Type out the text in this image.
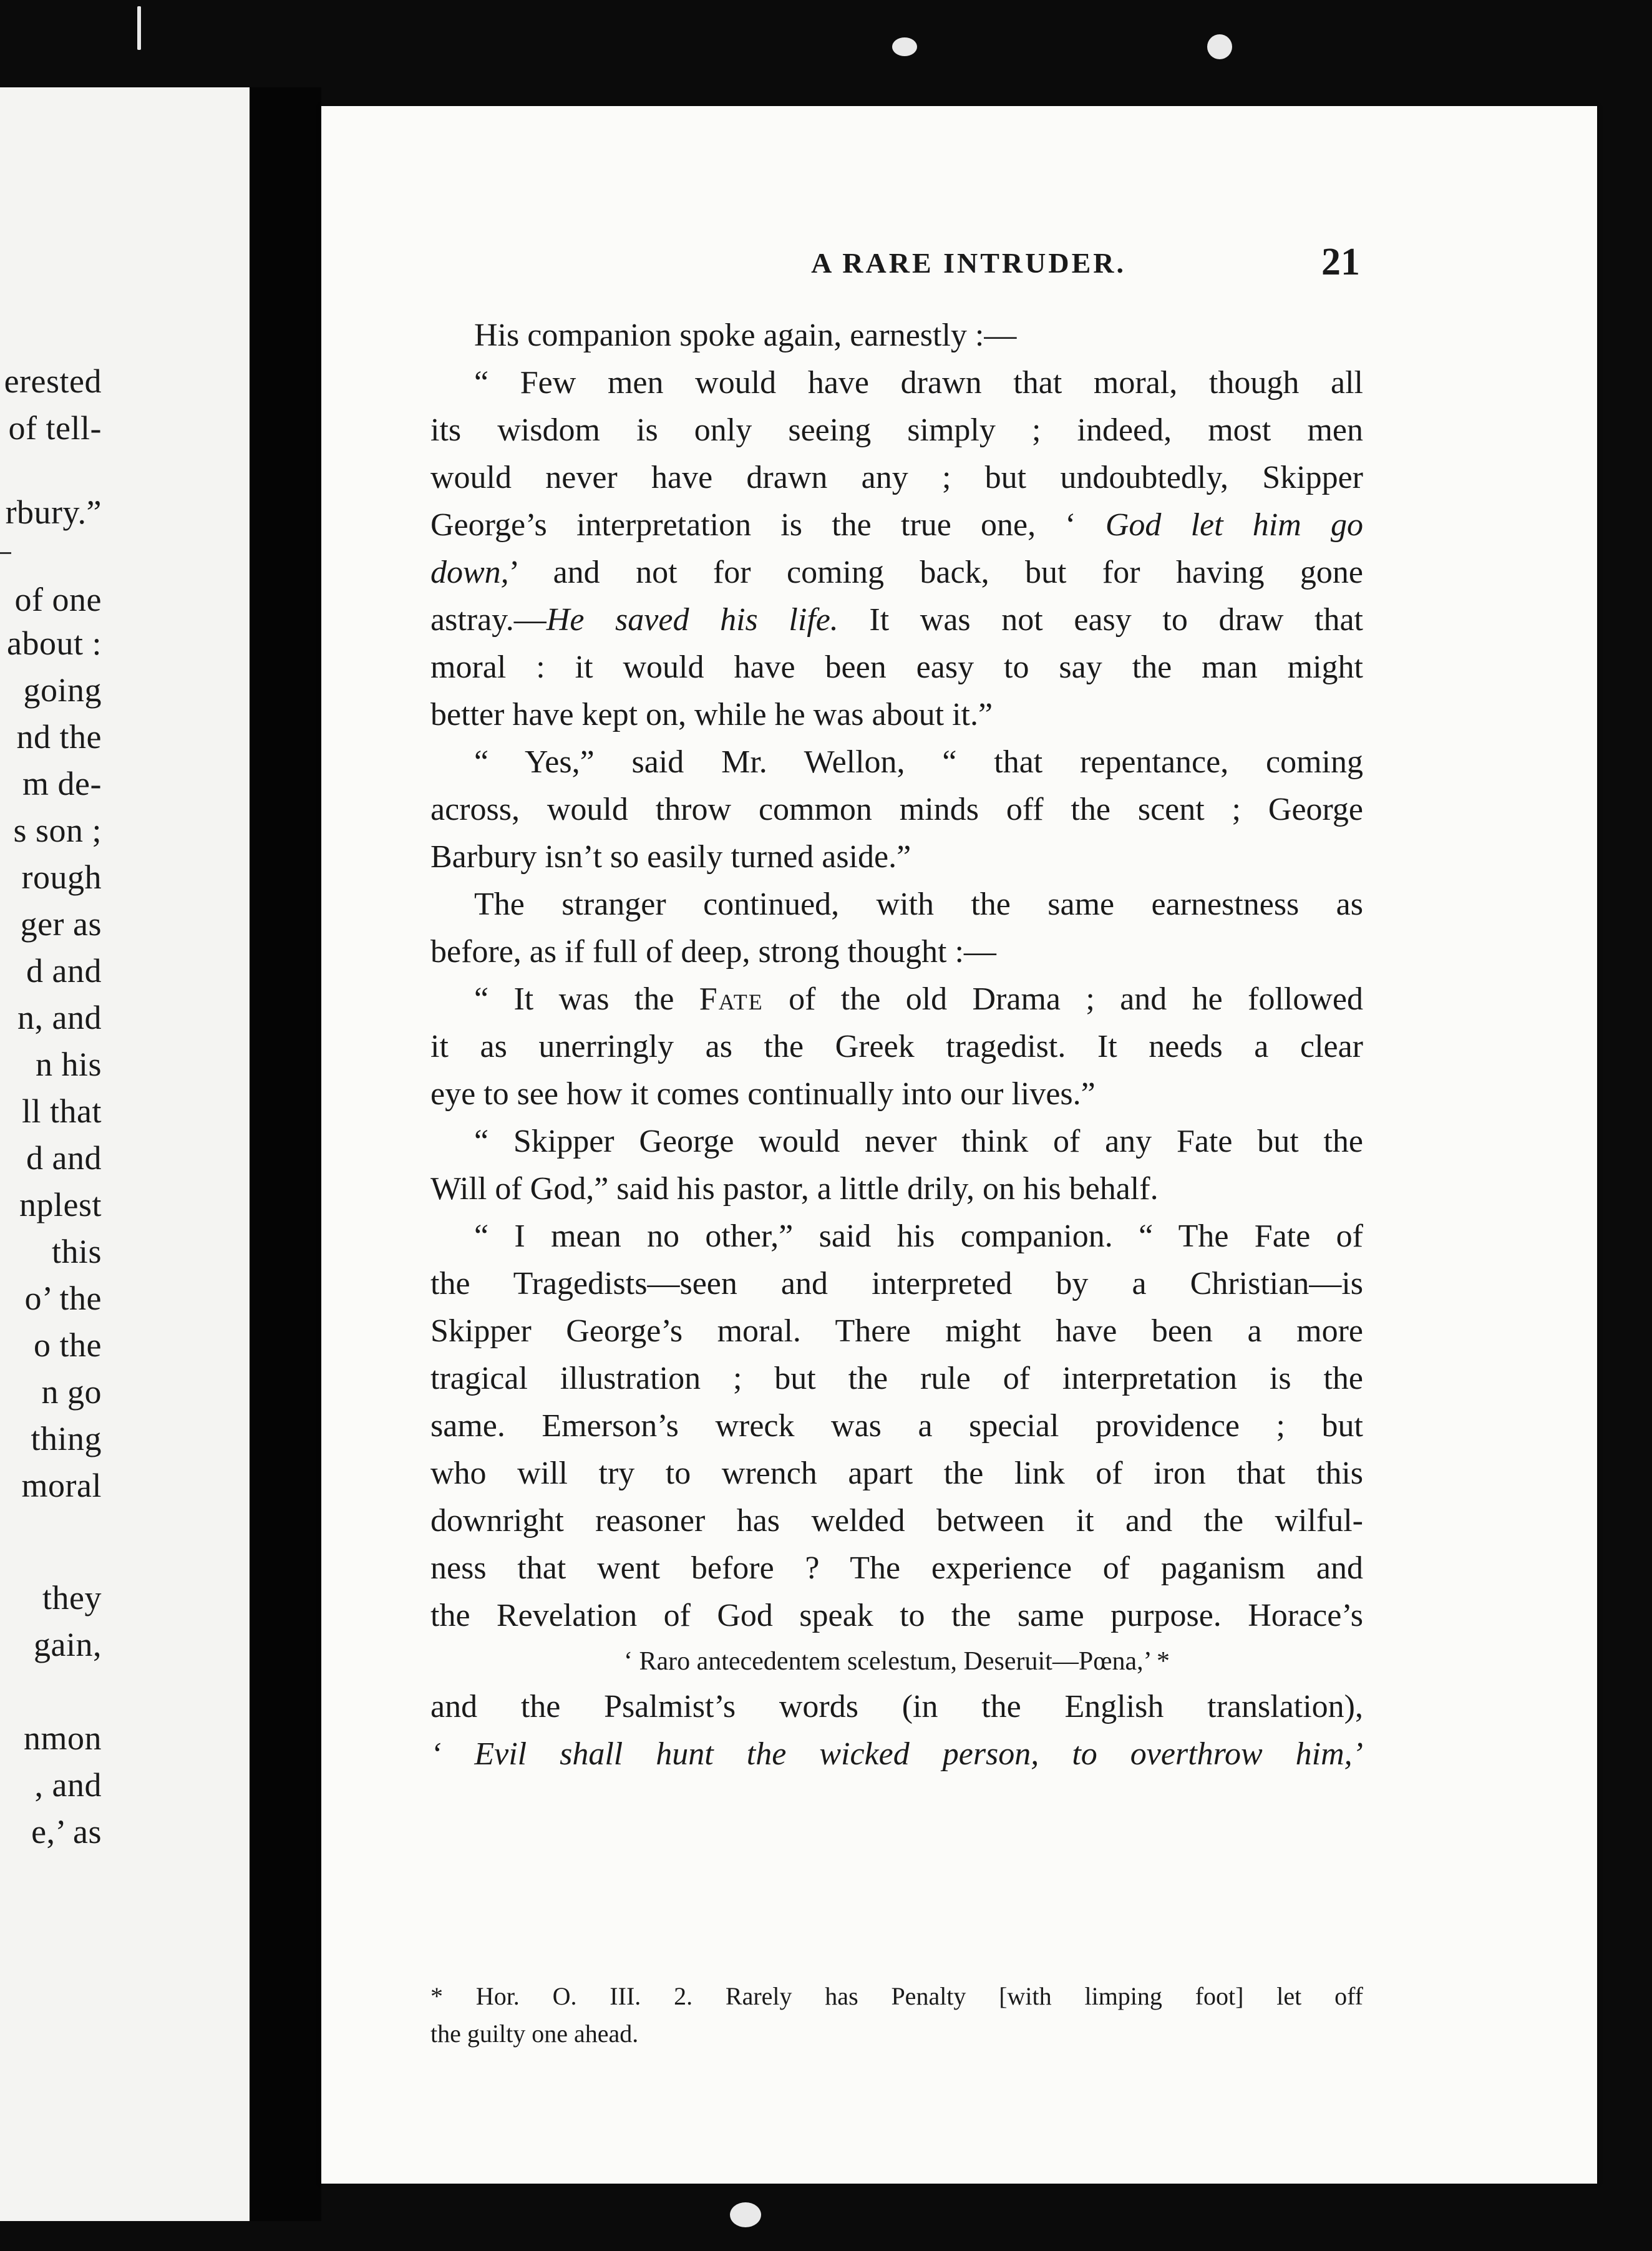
erested
of tell-
rbury.”
of one
about :
going
nd the
m de-
s son ;
rough
ger as
d and
n, and
n his
ll that
d and
nplest
this
o’ the
o the
n go
thing
moral
they
gain,
nmon
, and
e,’ as
A RARE INTRUDER.	21
His companion spoke again, earnestly :—
“ Few men would have drawn that moral, though all
its wisdom is only seeing simply ; indeed, most men
would never have drawn any ; but undoubtedly, Skipper
George’s interpretation is the true one, ‘ God let him go
down,’ and not for coming back, but for having gone
astray.—He saved his life. It was not easy to draw that
moral : it would have been easy to say the man might
better have kept on, while he was about it.”
“ Yes,” said Mr. Wellon, “ that repentance, coming
across, would throw common minds off the scent ; George
Barbury isn’t so easily turned aside.”
The stranger continued, with the same earnestness as
before, as if full of deep, strong thought :—
“ It was the Fate of the old Drama ; and he followed
it as unerringly as the Greek tragedist. It needs a clear
eye to see how it comes continually into our lives.”
“ Skipper George would never think of any Fate but the
Will of God,” said his pastor, a little drily, on his behalf.
“ I mean no other,” said his companion. “ The Fate of
the Tragedists—seen and interpreted by a Christian—is
Skipper George’s moral. There might have been a more
tragical illustration ; but the rule of interpretation is the
same. Emerson’s wreck was a special providence ; but
who will try to wrench apart the link of iron that this
downright reasoner has welded between it and the wilful-
ness that went before ? The experience of paganism and
the Revelation of God speak to the same purpose. Horace’s
‘ Raro antecedentem scelestum, Deseruit—Pœna,’ *
and the Psalmist’s words (in the English translation),
‘ Evil shall hunt the wicked person, to overthrow him,’
* Hor. O. III. 2. Rarely has Penalty [with limping foot] let off
the guilty one ahead.
